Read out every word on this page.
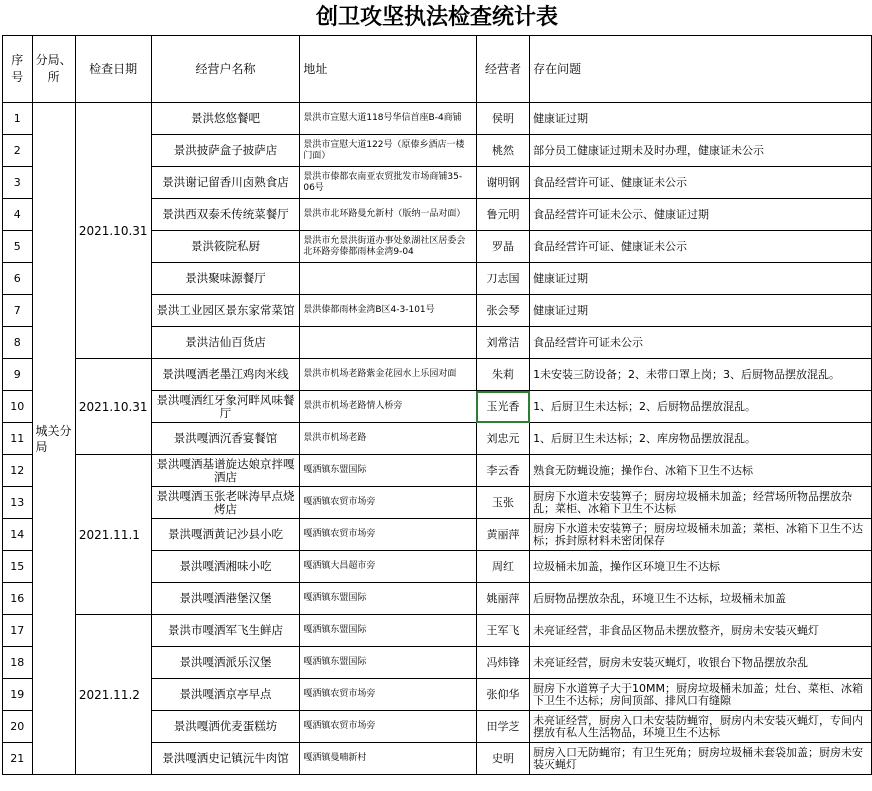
创卫攻坚执法检查统计表						
序号	分局、所	检查日期	经营户名称	地址	经营者	存在问题
1	城关分局	2021.10.31	景洪悠悠餐吧	景洪市宣慰大道118号华信首座B-4商铺	侯明	健康证过期
2			景洪披萨盒子披萨店	景洪市宣慰大道122号（原傣乡酒店一楼门面）	桃然	部分员工健康证过期未及时办理，健康证未公示
3			景洪谢记留香川卤熟食店	景洪市傣都农南亚农贸批发市场商铺35-06号	谢明钢	食品经营许可证、健康证未公示
4			景洪西双泰禾传统菜餐厅	景洪市北环路曼允新村（版纳一品对面）	鲁元明	食品经营许可证未公示、健康证过期
5			景洪筱院私厨	景洪市允景洪街道办事处象湖社区居委会北环路旁傣都雨林金湾9-04	罗晶	食品经营许可证、健康证未公示
6			景洪聚味源餐厅		刀志国	健康证过期
7			景洪工业园区景东家常菜馆	景洪傣都雨林金湾B区4-3-101号	张会琴	健康证过期
8			景洪洁仙百货店		刘常洁	食品经营许可证未公示
9		2021.10.31	景洪嘎洒老墨江鸡肉米线	景洪市机场老路紫金花园水上乐园对面	朱莉	1未安装三防设备；2、未带口罩上岗；3、后厨物品摆放混乱。
10			景洪嘎洒红牙象河畔风味餐厅	景洪市机场老路情人桥旁	玉光香	1、后厨卫生未达标；2、后厨物品摆放混乱。
11			景洪嘎洒沉香宴餐馆	景洪市机场老路	刘忠元	1、后厨卫生未达标；2、库房物品摆放混乱。
12		2021.11.1	景洪嘎洒基谱旋达娘京拌嘎洒店	嘎洒镇东盟国际	李云香	熟食无防蝇设施；操作台、冰箱下卫生不达标
13			景洪嘎洒玉张老咪涛早点烧烤店	嘎洒镇农贸市场旁	玉张	厨房下水道未安装箅子；厨房垃圾桶未加盖；经营场所物品摆放杂乱；菜柜、冰箱下卫生不达标
14			景洪嘎洒黄记沙县小吃	嘎洒镇农贸市场旁	黄丽萍	厨房下水道未安装箅子；厨房垃圾桶未加盖；菜柜、冰箱下卫生不达标；拆封原材料未密闭保存
15			景洪嘎洒湘味小吃	嘎洒镇大昌超市旁	周红	垃圾桶未加盖，操作区环境卫生不达标
16			景洪嘎洒港堡汉堡	嘎洒镇东盟国际	姚丽萍	后厨物品摆放杂乱，环境卫生不达标，垃圾桶未加盖
17		2021.11.2	景洪市嘎洒军飞生鲜店	嘎洒镇东盟国际	王军飞	未亮证经营，非食品区物品未摆放整齐，厨房未安装灭蝇灯
18			景洪嘎洒派乐汉堡	嘎洒镇东盟国际	冯炜锋	未亮证经营，厨房未安装灭蝇灯，收银台下物品摆放杂乱
19			景洪嘎洒京亭早点	嘎洒镇农贸市场旁	张仰华	厨房下水道箅子大于10MM；厨房垃圾桶未加盖；灶台、菜柜、冰箱下卫生不达标；房间顶部、排风口有缝隙
20			景洪嘎洒优麦蛋糕坊	嘎洒镇农贸市场旁	田学芝	未亮证经营，厨房入口未安装防蝇帘，厨房内未安装灭蝇灯，专间内摆放有私人生活物品，环境卫生不达标
21			景洪嘎洒史记镇沅牛肉馆	嘎洒镇曼喃新村	史明	厨房入口无防蝇帘；有卫生死角；厨房垃圾桶未套袋加盖；厨房未安装灭蝇灯
